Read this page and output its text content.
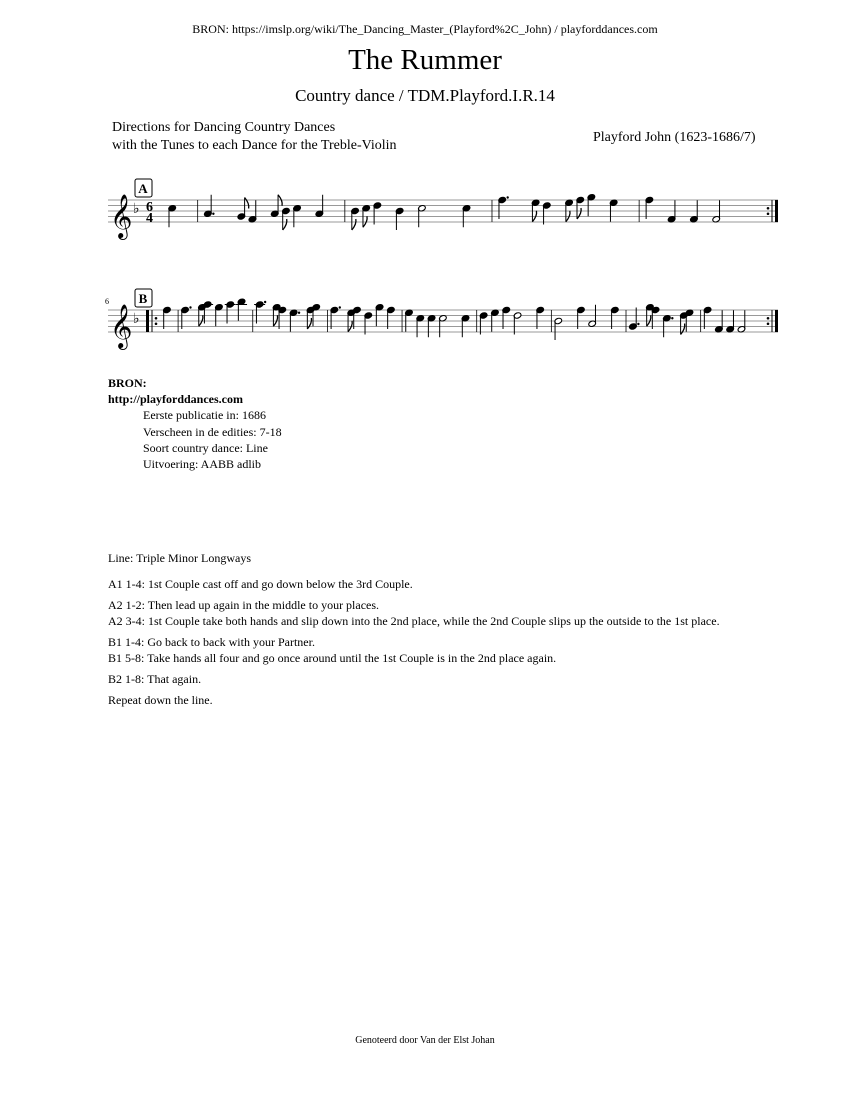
BRON: https://imslp.org/wiki/The_Dancing_Master_(Playford%2C_John) / playforddances.com
The Rummer
Country dance / TDM.Playford.I.R.14
Directions for Dancing Country Dances
with the Tunes to each Dance for the Treble-Violin
Playford John (1623-1686/7)
𝄞 ♭
A
6
4
𝄞 ♭
B
6
BRON:
http://playforddances.com
Eerste publicatie in: 1686
Verscheen in de edities: 7-18
Soort country dance: Line
Uitvoering: AABB adlib
Line: Triple Minor Longways
A1 1-4: 1st Couple cast off and go down below the 3rd Couple.
A2 1-2: Then lead up again in the middle to your places.
A2 3-4: 1st Couple take both hands and slip down into the 2nd place, while the 2nd Couple slips up the outside to the 1st place.
B1 1-4: Go back to back with your Partner.
B1 5-8: Take hands all four and go once around until the 1st Couple is in the 2nd place again.
B2 1-8: That again.
Repeat down the line.
Genoteerd door Van der Elst Johan
